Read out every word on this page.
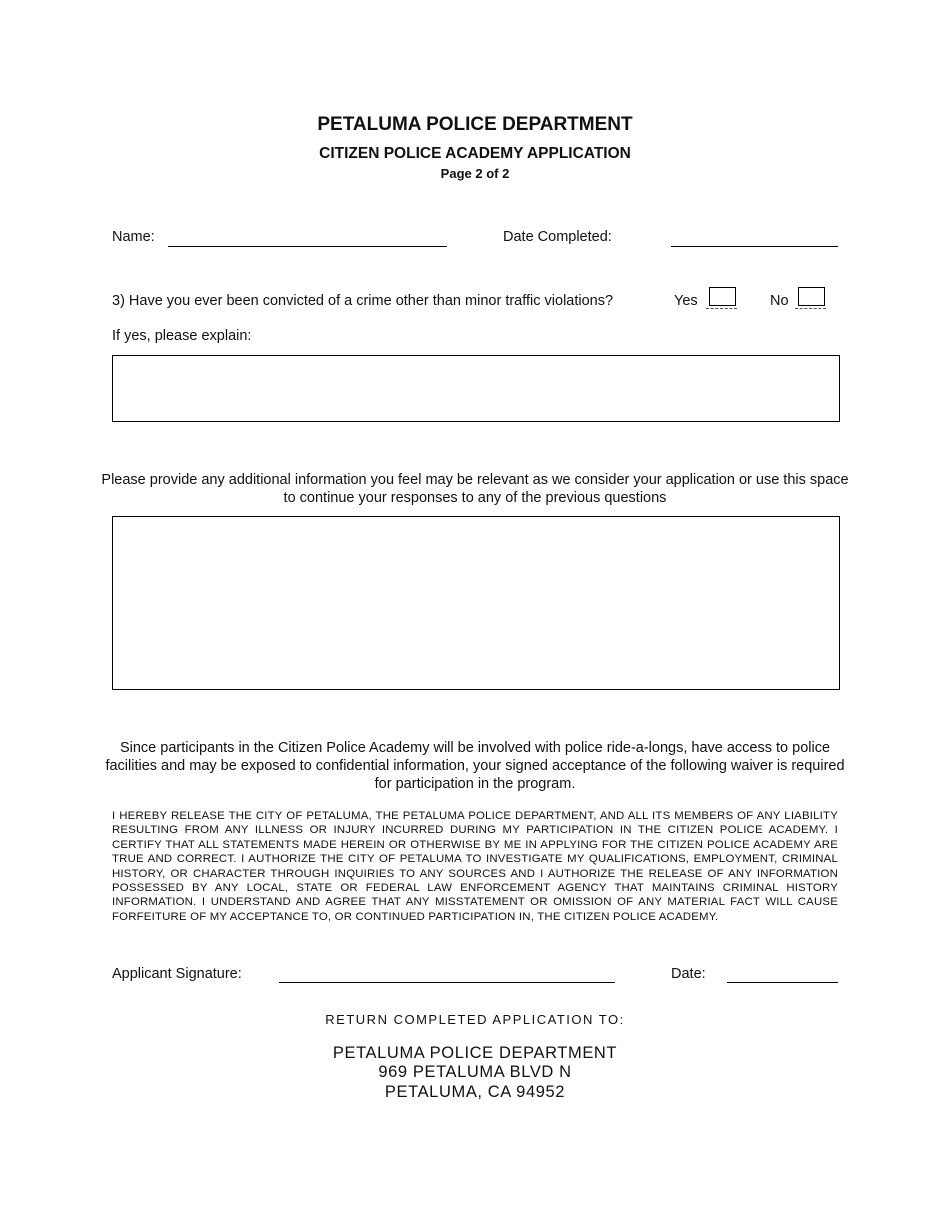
PETALUMA POLICE DEPARTMENT
CITIZEN POLICE ACADEMY APPLICATION
Page 2 of 2
Name:	Date Completed:
3) Have you ever been convicted of a crime other than minor traffic violations?	Yes	No
If yes, please explain:
Please provide any additional information you feel may be relevant as we consider your application or use this space to continue your responses to any of the previous questions
Since participants in the Citizen Police Academy will be involved with police ride-a-longs, have access to police facilities and may be exposed to confidential information, your signed acceptance of the following waiver is required for participation in the program.
I HEREBY RELEASE THE CITY OF PETALUMA, THE PETALUMA POLICE DEPARTMENT, AND ALL ITS MEMBERS OF ANY LIABILITY RESULTING FROM ANY ILLNESS OR INJURY INCURRED DURING MY PARTICIPATION IN THE CITIZEN POLICE ACADEMY. I CERTIFY THAT ALL STATEMENTS MADE HEREIN OR OTHERWISE BY ME IN APPLYING FOR THE CITIZEN POLICE ACADEMY ARE TRUE AND CORRECT. I AUTHORIZE THE CITY OF PETALUMA TO INVESTIGATE MY QUALIFICATIONS, EMPLOYMENT, CRIMINAL HISTORY, OR CHARACTER THROUGH INQUIRIES TO ANY SOURCES AND I AUTHORIZE THE RELEASE OF ANY INFORMATION POSSESSED BY ANY LOCAL, STATE OR FEDERAL LAW ENFORCEMENT AGENCY THAT MAINTAINS CRIMINAL HISTORY INFORMATION. I UNDERSTAND AND AGREE THAT ANY MISSTATEMENT OR OMISSION OF ANY MATERIAL FACT WILL CAUSE FORFEITURE OF MY ACCEPTANCE TO, OR CONTINUED PARTICIPATION IN, THE CITIZEN POLICE ACADEMY.
Applicant Signature:	Date:
RETURN COMPLETED APPLICATION TO:
PETALUMA POLICE DEPARTMENT
969 PETALUMA BLVD N
PETALUMA, CA 94952
